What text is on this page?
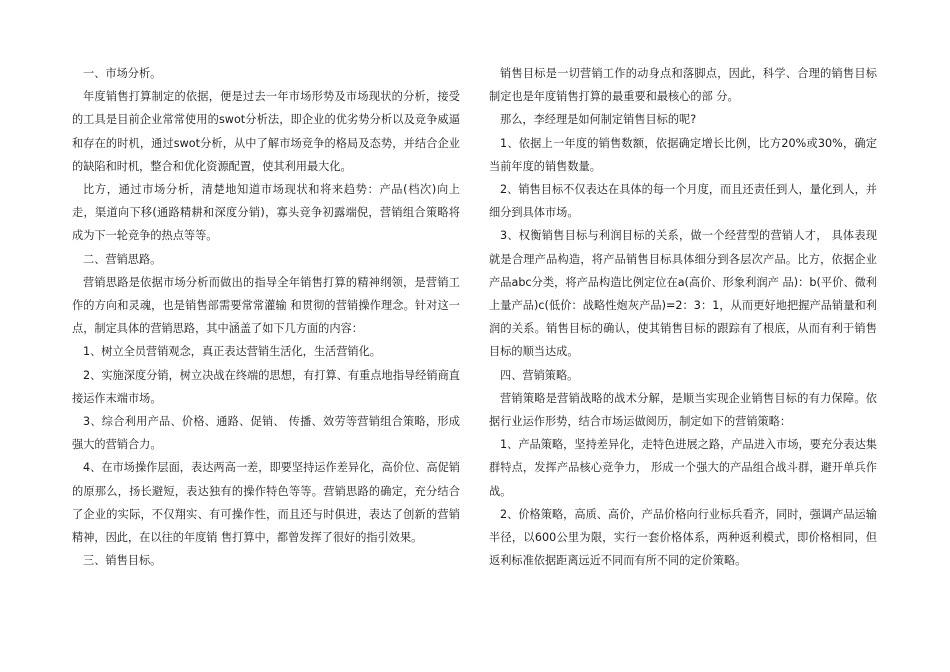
一、市场分析。

年度销售打算制定的依据，便是过去一年市场形势及市场现状的分析，接受的工具是目前企业常常使用的swot分析法，即企业的优劣势分析以及竞争威逼和存在的时机，通过swot分析，从中了解市场竞争的格局及态势，并结合企业的缺陷和时机，整合和优化资源配置，使其利用最大化。

比方，通过市场分析，清楚地知道市场现状和将来趋势：产品(档次)向上走，渠道向下移(通路精耕和深度分销)，寡头竞争初露端倪，营销组合策略将成为下一轮竞争的热点等等。

二、营销思路。

营销思路是依据市场分析而做出的指导全年销售打算的精神纲领，是营销工作的方向和灵魂，也是销售部需要常常灌输 和贯彻的营销操作理念。针对这一点，制定具体的营销思路，其中涵盖了如下几方面的内容：

1、树立全员营销观念，真正表达营销生活化，生活营销化。

2、实施深度分销，树立决战在终端的思想，有打算、有重点地指导经销商直接运作末端市场。

3、综合利用产品、价格、通路、促销、 传播、效劳等营销组合策略，形成强大的营销合力。

4、在市场操作层面，表达两高一差，即要坚持运作差异化，高价位、高促销的原那么，扬长避短，表达独有的操作特色等等。营销思路的确定，充分结合了企业的实际，不仅翔实、有可操作性，而且还与时俱进，表达了创新的营销精神，因此，在以往的年度销 售打算中，都曾发挥了很好的指引效果。

三、销售目标。

销售目标是一切营销工作的动身点和落脚点，因此，科学、合理的销售目标制定也是年度销售打算的最重要和最核心的部 分。

那么，李经理是如何制定销售目标的呢?

1、依据上一年度的销售数额，依据确定增长比例，比方20%或30%，确定当前年度的销售数量。

2、销售目标不仅表达在具体的每一个月度，而且还责任到人，量化到人，并细分到具体市场。

3、权衡销售目标与利润目标的关系，做一个经营型的营销人才， 具体表现就是合理产品构造，将产品销售目标具体细分到各层次产品。比方，依据企业产品abc分类，将产品构造比例定位在a(高价、形象利润产 品)：b(平价、微利上量产品)c(低价：战略性炮灰产品)=2：3：1，从而更好地把握产品销量和利润的关系。销售目标的确认，使其销售目标的跟踪有了根底，从而有利于销售目标的顺当达成。

四、营销策略。

营销策略是营销战略的战术分解，是顺当实现企业销售目标的有力保障。依据行业运作形势，结合市场运做阅历，制定如下的营销策略：

1、产品策略，坚持差异化，走特色进展之路，产品进入市场，要充分表达集群特点，发挥产品核心竞争力， 形成一个强大的产品组合战斗群，避开单兵作战。

2、价格策略，高质、高价，产品价格向行业标兵看齐，同时，强调产品运输半径，以600公里为限，实行一套价格体系，两种返利模式，即价格相同，但返利标准依据距离远近不同而有所不同的定价策略。
